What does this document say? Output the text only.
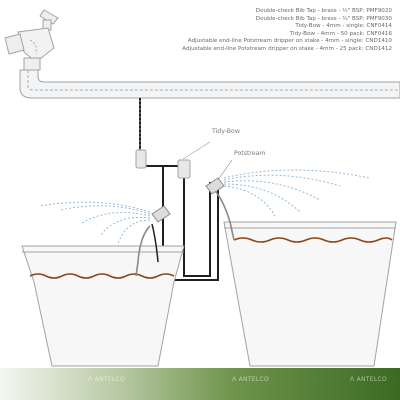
Double-check Bib Tap - brass - ½" BSP: PMF9020
Double-check Bib Tap - brass - ¾" BSP: PMF9030
Tidy-Bow - 4mm - single: CNF0414
Tidy-Bow - 4mm - 50 pack: CNF0416
Adjustable end-line Potstream dripper on stake - 4mm - single: CND1410
Adjustable end-line Potstream dripper on stake - 4mm - 25 pack: CND1412
Tidy-Bow
Potstream
Λ ANTELCO	Λ ANTELCO	Λ ANTELCO
